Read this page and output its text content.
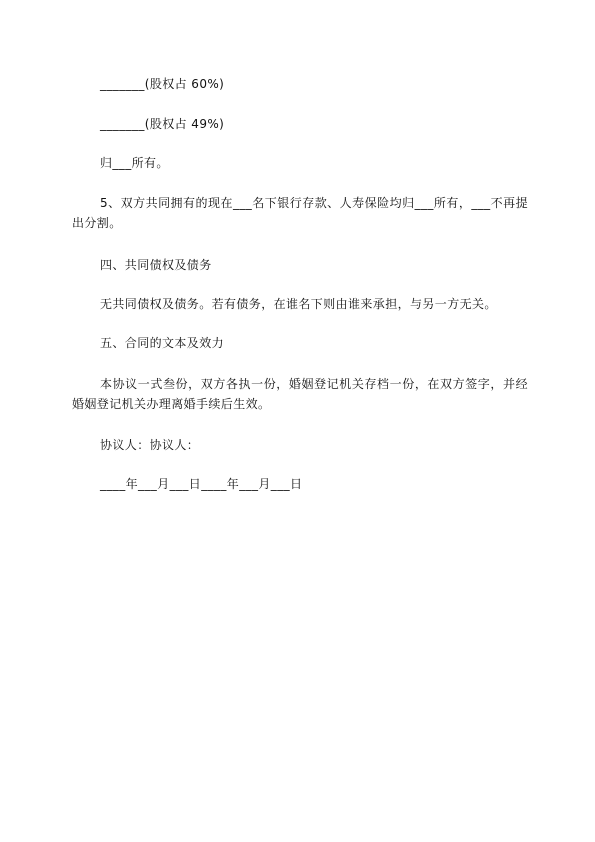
_______(股权占 60%)

_______(股权占 49%)

归___所有。

5、双方共同拥有的现在___名下银行存款、人寿保险均归___所有，___不再提出分割。

四、共同债权及债务

无共同债权及债务。若有债务，在谁名下则由谁来承担，与另一方无关。

五、合同的文本及效力

本协议一式叁份，双方各执一份，婚姻登记机关存档一份，在双方签字，并经婚姻登记机关办理离婚手续后生效。

协议人：协议人：

____年___月___日____年___月___日
